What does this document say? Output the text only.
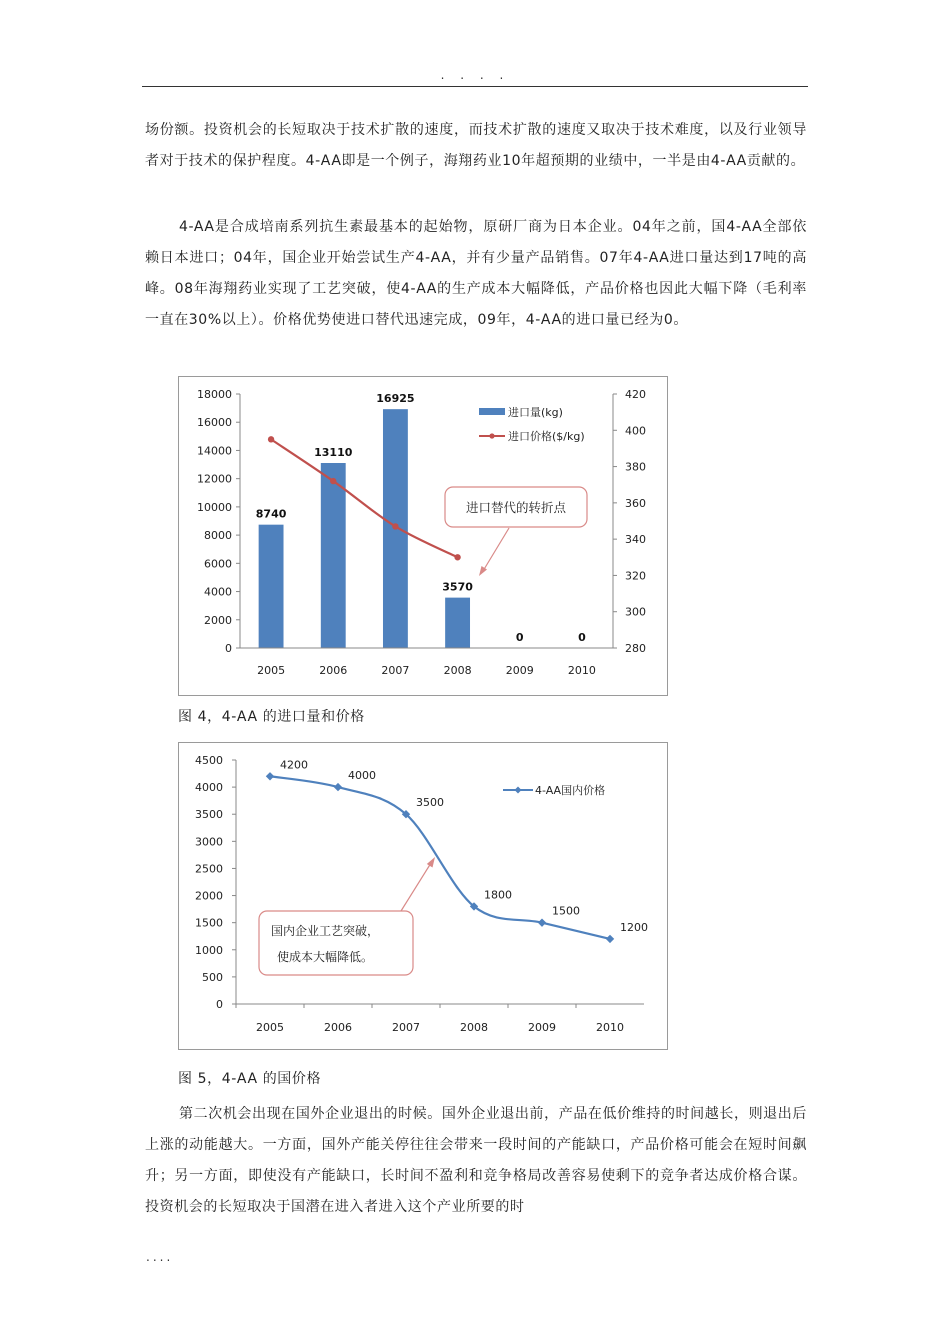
. . . .

场份额。投资机会的长短取决于技术扩散的速度，而技术扩散的速度又取决于技术难度，以及行业领导者对于技术的保护程度。4-AA即是一个例子，海翔药业10年超预期的业绩中，一半是由4-AA贡献的。

4-AA是合成培南系列抗生素最基本的起始物，原研厂商为日本企业。04年之前，国4-AA全部依赖日本进口；04年，国企业开始尝试生产4-AA，并有少量产品销售。07年4-AA进口量达到17吨的高峰。08年海翔药业实现了工艺突破，使4-AA的生产成本大幅降低，产品价格也因此大幅下降（毛利率一直在30%以上）。价格优势使进口替代迅速完成，09年，4-AA的进口量已经为0。

8740
13110
16925
3570
0	0
0
2000
4000
6000
8000
10000
12000
14000
16000
18000
280
300
320
340
360
380
400
420
2005	2006	2007	2008	2009	2010
进口量(kg)
进口价格($/kg)
进口替代的转折点

图 4，4-AA 的进口量和价格

4200
4000
3500
1800
1500
1200
0
500
1000
1500
2000
2500
3000
3500
4000
4500
2005	2006	2007	2008	2009	2010
4-AA国内价格
国内企业工艺突破，
使成本大幅降低。

图 5，4-AA 的国价格

第二次机会出现在国外企业退出的时候。国外企业退出前，产品在低价维持的时间越长，则退出后上涨的动能越大。一方面，国外产能关停往往会带来一段时间的产能缺口，产品价格可能会在短时间飙升；另一方面，即使没有产能缺口，长时间不盈利和竞争格局改善容易使剩下的竞争者达成价格合谋。投资机会的长短取决于国潜在进入者进入这个产业所要的时

....
